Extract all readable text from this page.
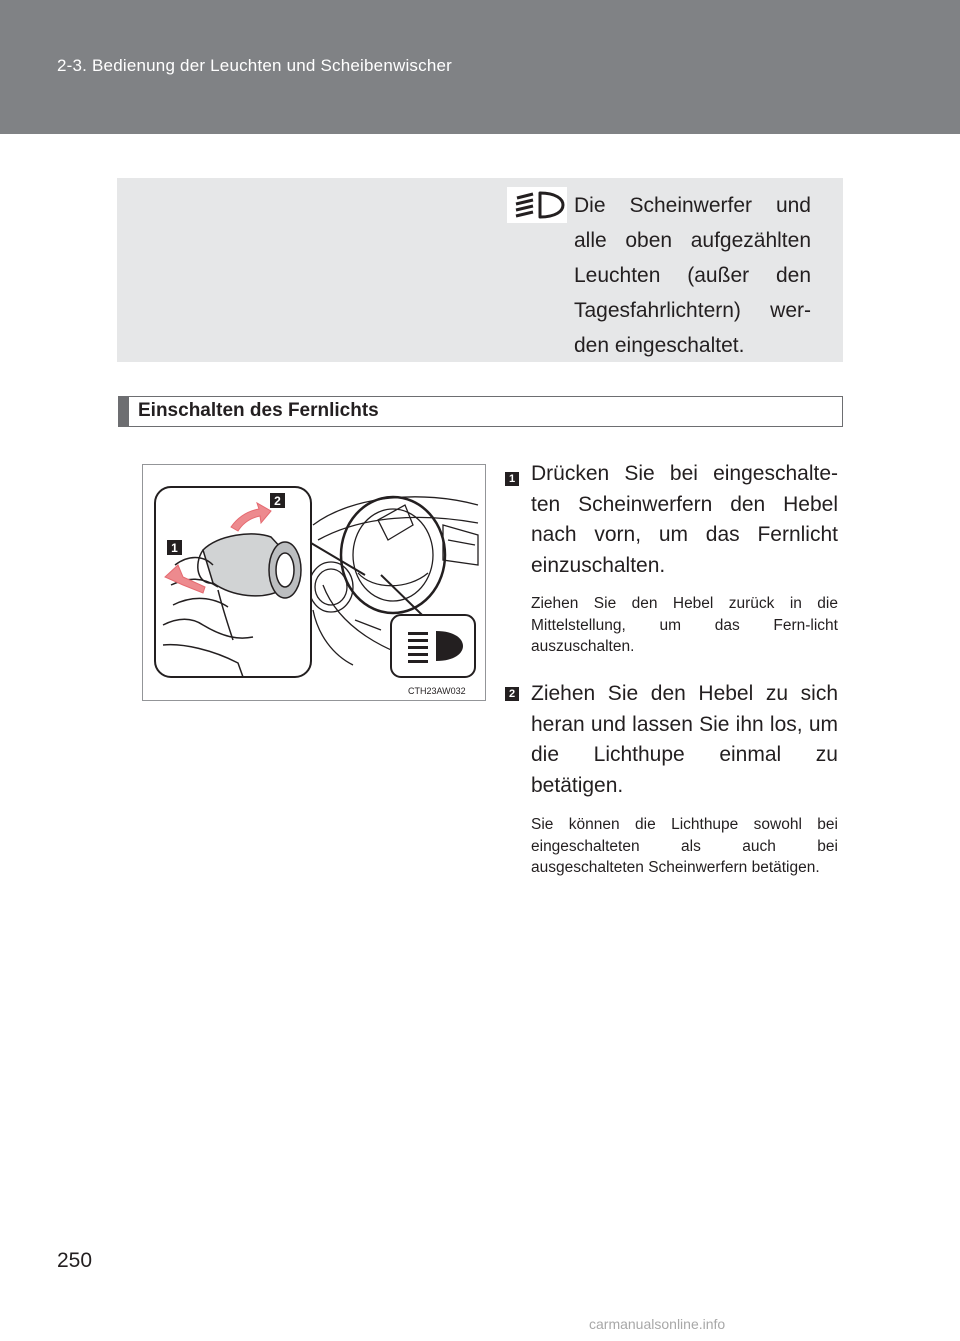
2-3. Bedienung der Leuchten und Scheibenwischer
Die Scheinwerfer und alle oben aufgezählten Leuchten (außer den Tagesfahrlichtern) wer-den eingeschaltet.
Einschalten des Fernlichts
1
2
CTH23AW032
1 Drücken Sie bei eingeschalte-ten Scheinwerfern den Hebel nach vorn, um das Fernlicht einzuschalten.
Ziehen Sie den Hebel zurück in die Mittelstellung, um das Fern-licht auszuschalten.
2 Ziehen Sie den Hebel zu sich heran und lassen Sie ihn los, um die Lichthupe einmal zu betätigen.
Sie können die Lichthupe sowohl bei eingeschalteten als auch bei ausgeschalteten Scheinwerfern betätigen.
250
carmanualsonline.info
